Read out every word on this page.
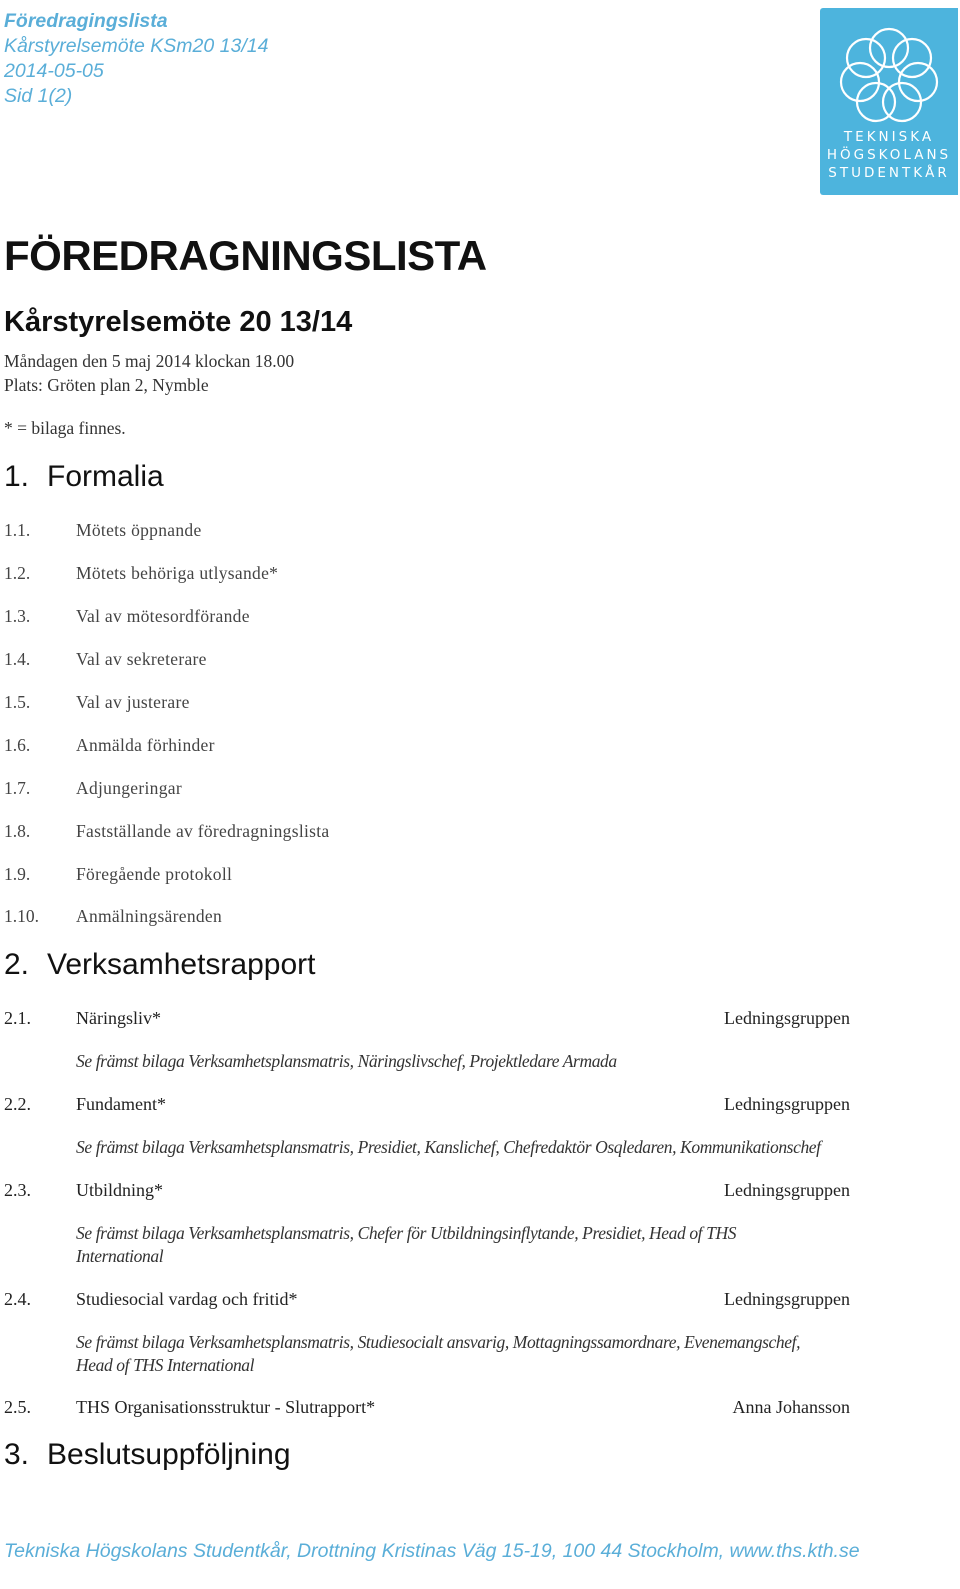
Föredragingslista
Kårstyrelsemöte KSm20 13/14
2014-05-05
Sid 1(2)
TEKNISKA
HÖGSKOLANS
STUDENTKÅR
FÖREDRAGNINGSLISTA
Kårstyrelsemöte 20 13/14
Måndagen den 5 maj 2014 klockan 18.00
Plats: Gröten plan 2, Nymble
* = bilaga finnes.
1. Formalia
1.1.	Mötets öppnande
1.2.	Mötets behöriga utlysande*
1.3.	Val av mötesordförande
1.4.	Val av sekreterare
1.5.	Val av justerare
1.6.	Anmälda förhinder
1.7.	Adjungeringar
1.8.	Fastställande av föredragningslista
1.9.	Föregående protokoll
1.10. Anmälningsärenden
2. Verksamhetsrapport
2.1.	Näringsliv*	Ledningsgruppen
Se främst bilaga Verksamhetsplansmatris, Näringslivschef, Projektledare Armada
2.2.	Fundament*	Ledningsgruppen
Se främst bilaga Verksamhetsplansmatris, Presidiet, Kanslichef, Chefredaktör Osqledaren, Kommunikationschef
2.3.	Utbildning*	Ledningsgruppen
Se främst bilaga Verksamhetsplansmatris, Chefer för Utbildningsinflytande, Presidiet, Head of THS
International
2.4.	Studiesocial vardag och fritid*	Ledningsgruppen
Se främst bilaga Verksamhetsplansmatris, Studiesocialt ansvarig, Mottagningssamordnare, Evenemangschef,
Head of THS International
2.5.	THS Organisationsstruktur - Slutrapport*	Anna Johansson
3. Beslutsuppföljning
Tekniska Högskolans Studentkår, Drottning Kristinas Väg 15-19, 100 44 Stockholm, www.ths.kth.se
